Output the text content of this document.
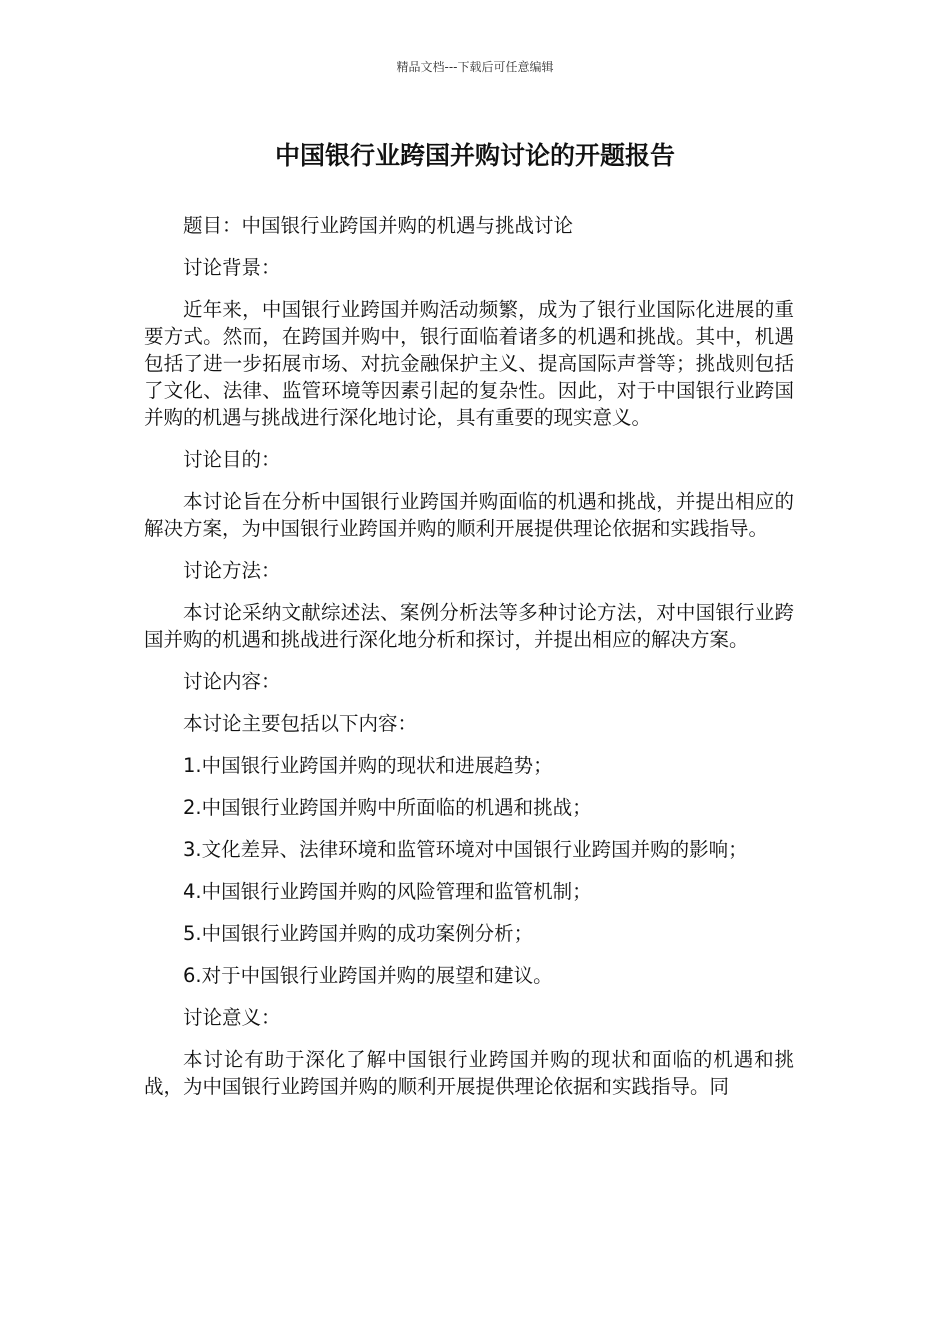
精品文档---下载后可任意编辑
中国银行业跨国并购讨论的开题报告

题目：中国银行业跨国并购的机遇与挑战讨论

讨论背景：

近年来，中国银行业跨国并购活动频繁，成为了银行业国际化进展的重要方式。然而，在跨国并购中，银行面临着诸多的机遇和挑战。其中，机遇包括了进一步拓展市场、对抗金融保护主义、提高国际声誉等；挑战则包括了文化、法律、监管环境等因素引起的复杂性。因此，对于中国银行业跨国并购的机遇与挑战进行深化地讨论，具有重要的现实意义。

讨论目的：

本讨论旨在分析中国银行业跨国并购面临的机遇和挑战，并提出相应的解决方案，为中国银行业跨国并购的顺利开展提供理论依据和实践指导。

讨论方法：

本讨论采纳文献综述法、案例分析法等多种讨论方法，对中国银行业跨国并购的机遇和挑战进行深化地分析和探讨，并提出相应的解决方案。

讨论内容：

本讨论主要包括以下内容：

1.中国银行业跨国并购的现状和进展趋势；

2.中国银行业跨国并购中所面临的机遇和挑战；

3.文化差异、法律环境和监管环境对中国银行业跨国并购的影响；

4.中国银行业跨国并购的风险管理和监管机制；

5.中国银行业跨国并购的成功案例分析；

6.对于中国银行业跨国并购的展望和建议。

讨论意义：

本讨论有助于深化了解中国银行业跨国并购的现状和面临的机遇和挑战，为中国银行业跨国并购的顺利开展提供理论依据和实践指导。同
